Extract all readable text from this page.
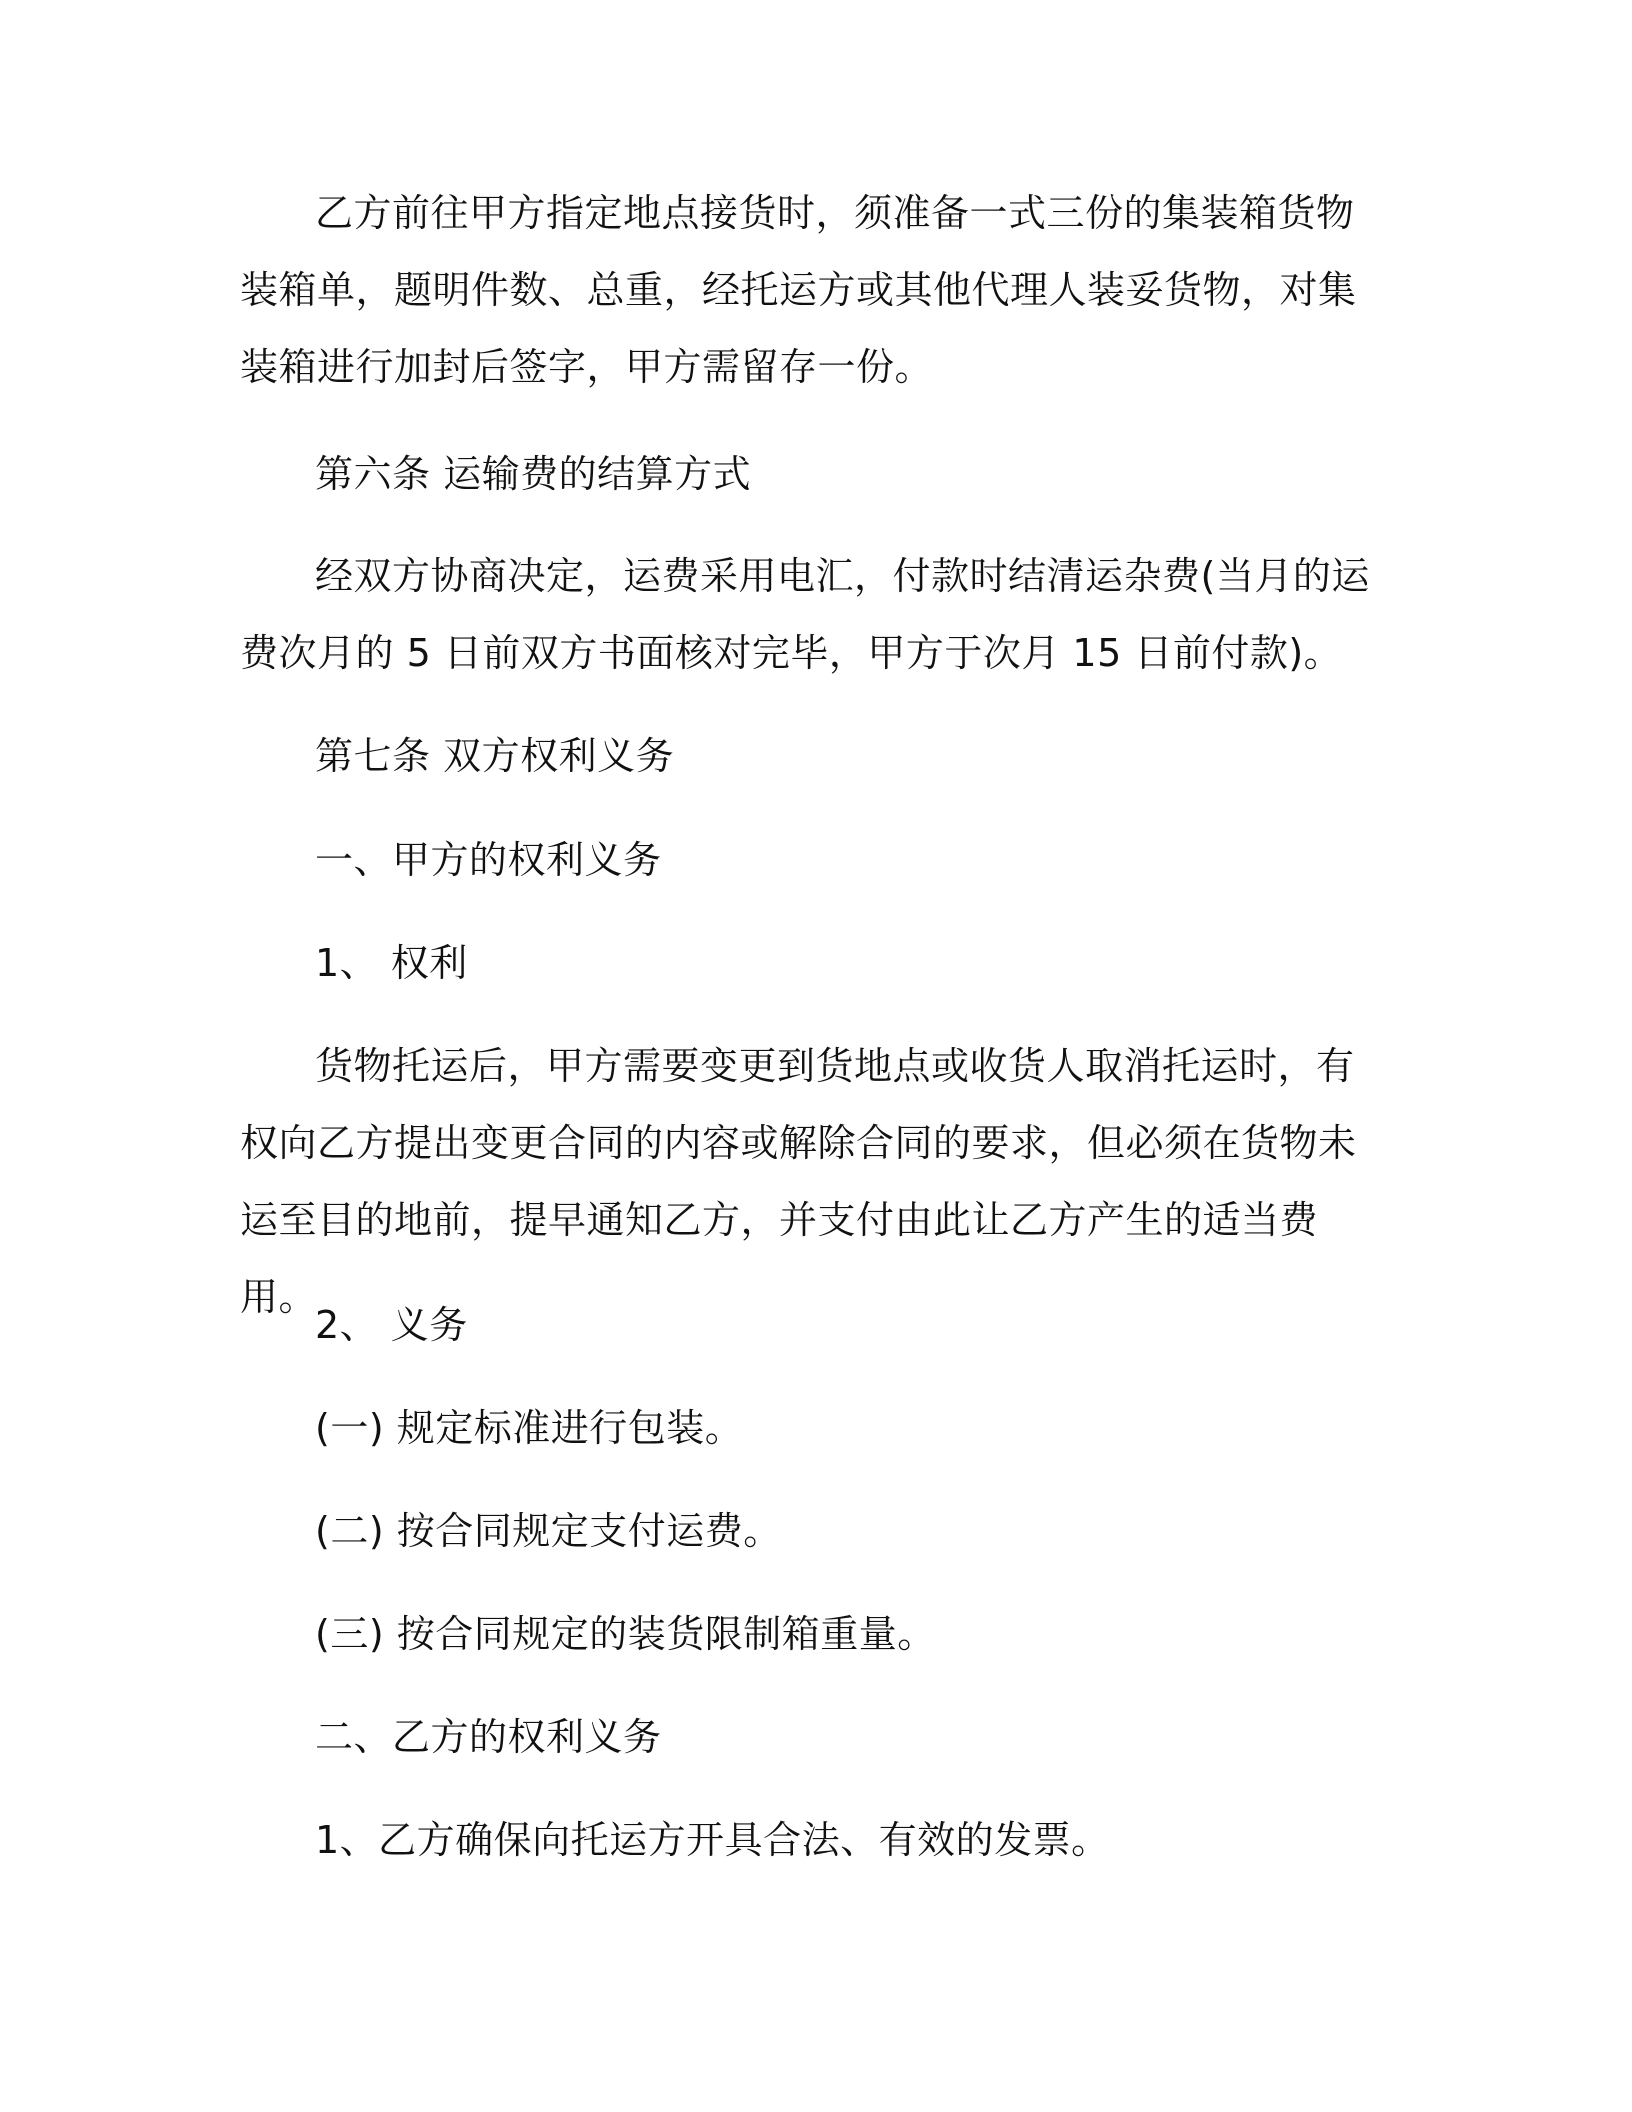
乙方前往甲方指定地点接货时，须准备一式三份的集装箱货物装箱单，题明件数、总重，经托运方或其他代理人装妥货物，对集装箱进行加封后签字，甲方需留存一份。

第六条 运输费的结算方式

经双方协商决定，运费采用电汇，付款时结清运杂费(当月的运费次月的 5 日前双方书面核对完毕，甲方于次月 15 日前付款)。

第七条 双方权利义务

一、甲方的权利义务

1、 权利

货物托运后，甲方需要变更到货地点或收货人取消托运时，有权向乙方提出变更合同的内容或解除合同的要求，但必须在货物未运至目的地前，提早通知乙方，并支付由此让乙方产生的适当费用。

2、 义务

(一) 规定标准进行包装。

(二) 按合同规定支付运费。

(三) 按合同规定的装货限制箱重量。

二、乙方的权利义务

1、乙方确保向托运方开具合法、有效的发票。
